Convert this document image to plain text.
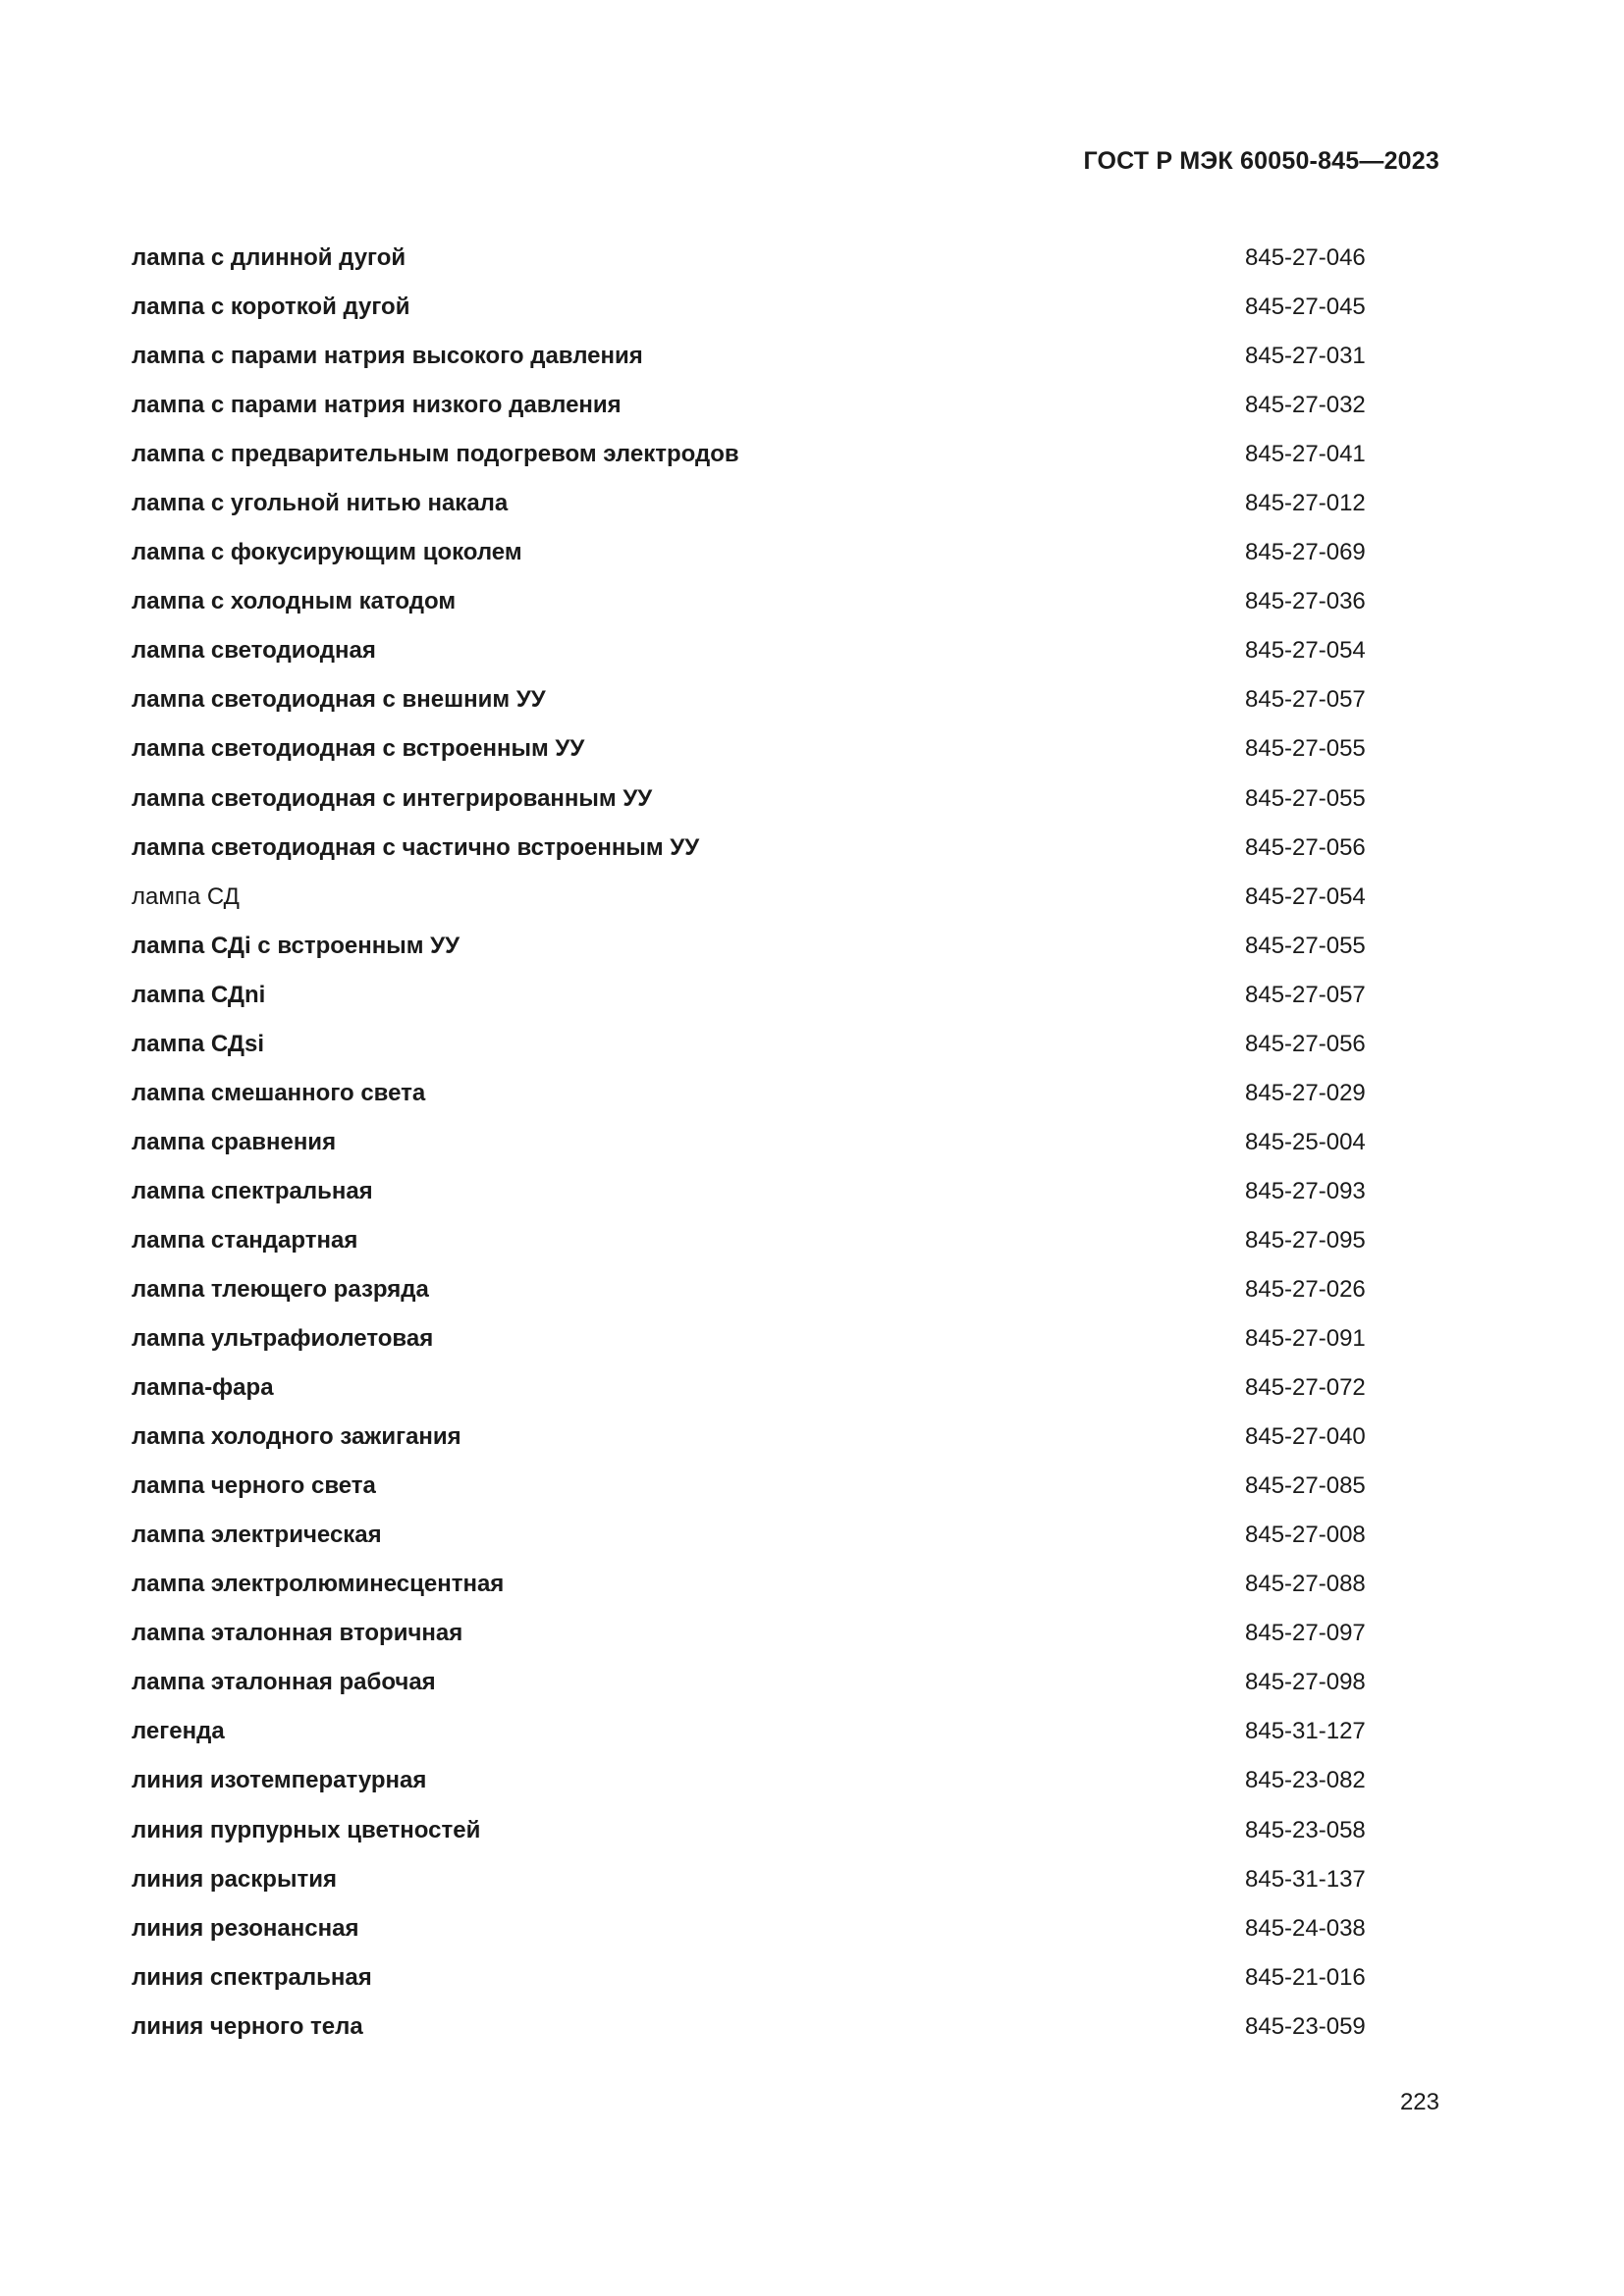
ГОСТ Р МЭК 60050-845—2023
лампа с длинной дугой	845-27-046
лампа с короткой дугой	845-27-045
лампа с парами натрия высокого давления	845-27-031
лампа с парами натрия низкого давления	845-27-032
лампа с предварительным подогревом электродов	845-27-041
лампа с угольной нитью накала	845-27-012
лампа с фокусирующим цоколем	845-27-069
лампа с холодным катодом	845-27-036
лампа светодиодная	845-27-054
лампа светодиодная с внешним УУ	845-27-057
лампа светодиодная с встроенным УУ	845-27-055
лампа светодиодная с интегрированным УУ	845-27-055
лампа светодиодная с частично встроенным УУ	845-27-056
лампа СД	845-27-054
лампа СДi с встроенным УУ	845-27-055
лампа СДni	845-27-057
лампа СДsi	845-27-056
лампа смешанного света	845-27-029
лампа сравнения	845-25-004
лампа спектральная	845-27-093
лампа стандартная	845-27-095
лампа тлеющего разряда	845-27-026
лампа ультрафиолетовая	845-27-091
лампа-фара	845-27-072
лампа холодного зажигания	845-27-040
лампа черного света	845-27-085
лампа электрическая	845-27-008
лампа электролюминесцентная	845-27-088
лампа эталонная вторичная	845-27-097
лампа эталонная рабочая	845-27-098
легенда	845-31-127
линия изотемпературная	845-23-082
линия пурпурных цветностей	845-23-058
линия раскрытия	845-31-137
линия резонансная	845-24-038
линия спектральная	845-21-016
линия черного тела	845-23-059
223
